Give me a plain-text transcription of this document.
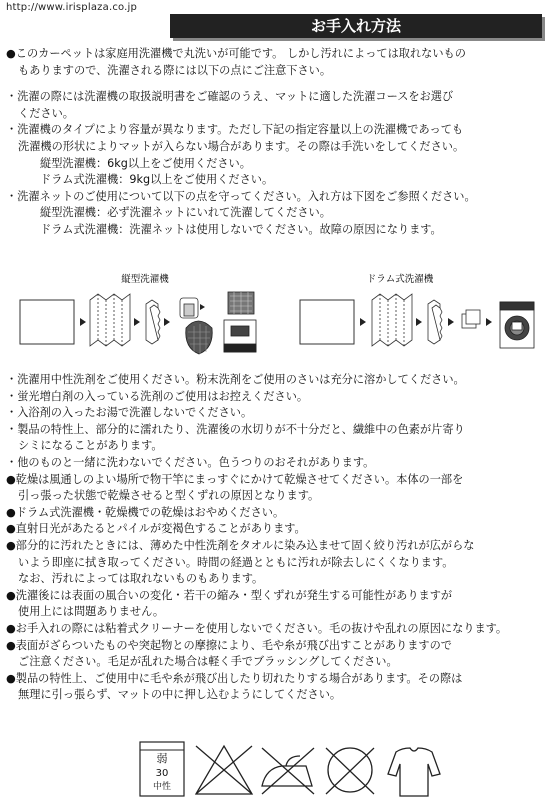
http://www.irisplaza.co.jp
お手入れ方法
●このカーペットは家庭用洗濯機で丸洗いが可能です。 しかし汚れによっては取れないもの
もありますので、洗濯される際には以下の点にご注意下さい。
・洗濯の際には洗濯機の取扱説明書をご確認のうえ、マットに適した洗濯コースをお選び
ください。
・洗濯機のタイプにより容量が異なります。ただし下記の指定容量以上の洗濯機であっても
洗濯機の形状によりマットが入らない場合があります。その際は手洗いをしてください。
縦型洗濯機：6kg以上をご使用ください。
ドラム式洗濯機：9kg以上をご使用ください。
・洗濯ネットのご使用について以下の点を守ってください。入れ方は下図をご参照ください。
縦型洗濯機：必ず洗濯ネットにいれて洗濯してください。
ドラム式洗濯機：洗濯ネットは使用しないでください。故障の原因になります。
縦型洗濯機	ドラム式洗濯機
・洗濯用中性洗剤をご使用ください。粉末洗剤をご使用のさいは充分に溶かしてください。
・蛍光増白剤の入っている洗剤のご使用はお控えください。
・入浴剤の入ったお湯で洗濯しないでください。
・製品の特性上、部分的に濡れたり、洗濯後の水切りが不十分だと、繊維中の色素が片寄り
シミになることがあります。
・他のものと一緒に洗わないでください。色うつりのおそれがあります。
●乾燥は風通しのよい場所で物干竿にまっすぐにかけて乾燥させてください。本体の一部を
引っ張った状態で乾燥させると型くずれの原因となります。
●ドラム式洗濯機・乾燥機での乾燥はおやめください。
●直射日光があたるとパイルが変褐色することがあります。
●部分的に汚れたときには、薄めた中性洗剤をタオルに染み込ませて固く絞り汚れが広がらな
いよう即座に拭き取ってください。時間の経過とともに汚れが除去しにくくなります。
なお、汚れによっては取れないものもあります。
●洗濯後には表面の風合いの変化・若干の縮み・型くずれが発生する可能性がありますが
使用上には問題ありません。
●お手入れの際には粘着式クリーナーを使用しないでください。毛の抜けや乱れの原因になります。
●表面がざらついたものや突起物との摩擦により、毛や糸が飛び出すことがありますので
ご注意ください。毛足が乱れた場合は軽く手でブラッシングしてください。
●製品の特性上、ご使用中に毛や糸が飛び出したり切れたりする場合があります。その際は
無理に引っ張らず、マットの中に押し込むようにしてください。
弱
30
中性
